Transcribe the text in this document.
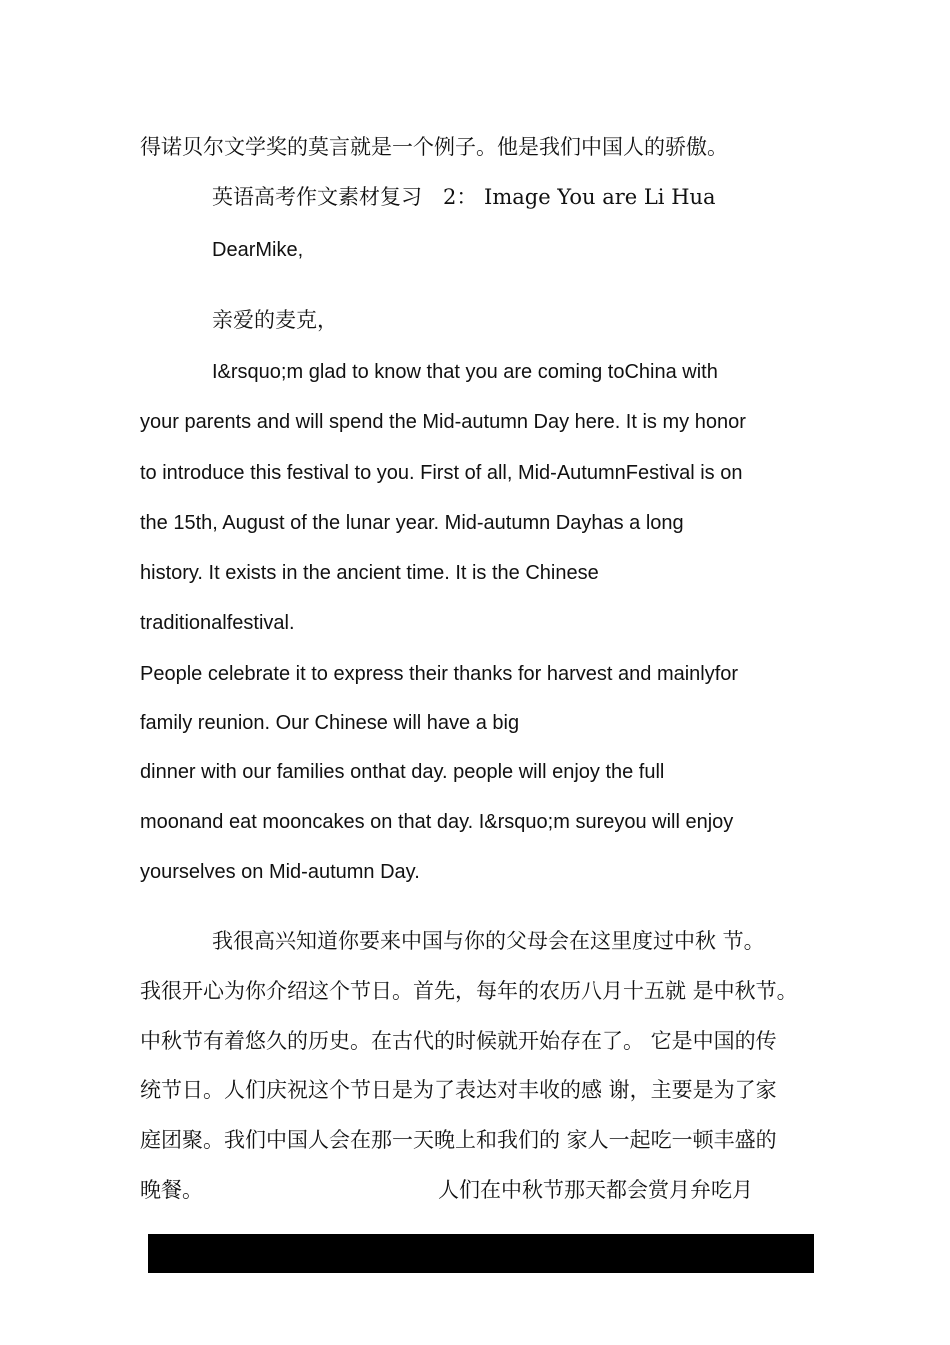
得诺贝尔文学奖的莫言就是一个例子。他是我们中国人的骄傲。
英语高考作文素材复习　2： Image You are Li Hua
DearMike,
亲爱的麦克，
I&rsquo;m glad to know that you are coming toChina with
your parents and will spend the Mid-autumn Day here. It is my honor
to introduce this festival to you. First of all, Mid-AutumnFestival is on
the 15th, August of the lunar year. Mid-autumn Dayhas a long
history. It exists in the ancient time. It is the Chinese
traditionalfestival.
People celebrate it to express their thanks for harvest and mainlyfor
family reunion. Our Chinese will have a big
dinner with our families onthat day. people will enjoy the full
moonand eat mooncakes on that day. I&rsquo;m sureyou will enjoy
yourselves on Mid-autumn Day.
我很高兴知道你要来中国与你的父母会在这里度过中秋 节。
我很开心为你介绍这个节日。首先，每年的农历八月十五就 是中秋节。
中秋节有着悠久的历史。在古代的时候就开始存在了。 它是中国的传
统节日。人们庆祝这个节日是为了表达对丰收的感 谢，主要是为了家
庭团聚。我们中国人会在那一天晚上和我们的 家人一起吃一顿丰盛的
晚餐。	人们在中秋节那天都会赏月弁吃月
